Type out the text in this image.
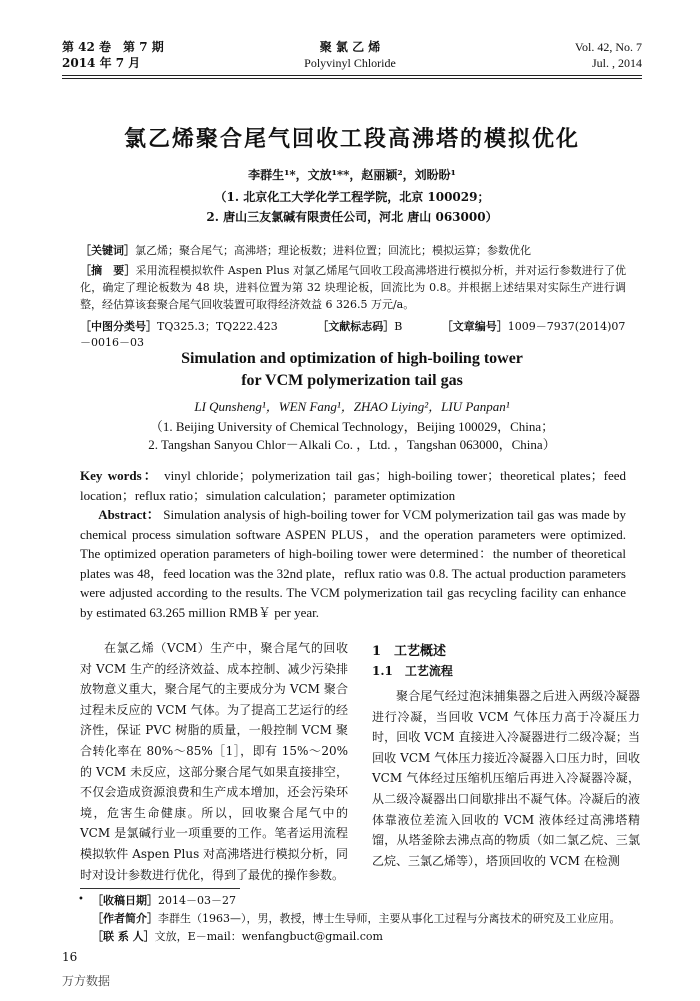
第 42 卷　第 7 期
2014 年 7 月
聚 氯 乙 烯
Polyvinyl Chloride
Vol. 42, No. 7
Jul. , 2014
氯乙烯聚合尾气回收工段高沸塔的模拟优化
李群生¹*，文放¹**，赵丽颖²，刘盼盼¹
（1. 北京化工大学化学工程学院，北京 100029；
2. 唐山三友氯碱有限责任公司，河北 唐山 063000）
［关键词］氯乙烯；聚合尾气；高沸塔；理论板数；进料位置；回流比；模拟运算；参数优化
［摘　要］采用流程模拟软件 Aspen Plus 对氯乙烯尾气回收工段高沸塔进行模拟分析，并对运行参数进行了优化，确定了理论板数为 48 块，进料位置为第 32 块理论板，回流比为 0.8。并根据上述结果对实际生产进行调整，经估算该套聚合尾气回收装置可取得经济效益 6 326.5 万元/a。
［中图分类号］TQ325.3；TQ222.423	［文献标志码］B	［文章编号］1009－7937(2014)07－0016－03
Simulation and optimization of high-boiling tower
for VCM polymerization tail gas
LI Qunsheng¹，WEN Fang¹，ZHAO Liying²，LIU Panpan¹
（1. Beijing University of Chemical Technology，Beijing 100029，China；
2. Tangshan Sanyou Chlor－Alkali Co. ，Ltd. ，Tangshan 063000，China）
Key words： vinyl chloride；polymerization tail gas；high-boiling tower；theoretical plates；feed location；reflux ratio；simulation calculation；parameter optimization
Abstract： Simulation analysis of high-boiling tower for VCM polymerization tail gas was made by chemical process simulation software ASPEN PLUS，and the operation parameters were optimized. The optimized operation parameters of high-boiling tower were determined：the number of theoretical plates was 48，feed location was the 32nd plate，reflux ratio was 0.8. The actual production parameters were adjusted according to the results. The VCM polymerization tail gas recycling facility can enhance by estimated 63.265 million RMB￥ per year.
在氯乙烯（VCM）生产中，聚合尾气的回收对 VCM 生产的经济效益、成本控制、减少污染排放物意义重大，聚合尾气的主要成分为 VCM 聚合过程未反应的 VCM 气体。为了提高工艺运行的经济性，保证 PVC 树脂的质量，一般控制 VCM 聚合转化率在 80%～85%［1］，即有 15%～20% 的 VCM 未反应，这部分聚合尾气如果直接排空，不仅会造成资源浪费和生产成本增加，还会污染环境，危害生命健康。所以，回收聚合尾气中的 VCM 是氯碱行业一项重要的工作。笔者运用流程模拟软件 Aspen Plus 对高沸塔进行模拟分析，同时对设计参数进行优化，得到了最优的操作参数。
1　工艺概述
1.1　工艺流程
聚合尾气经过泡沫捕集器之后进入两级冷凝器进行冷凝，当回收 VCM 气体压力高于冷凝压力时，回收 VCM 直接进入冷凝器进行二级冷凝；当回收 VCM 气体压力接近冷凝器入口压力时，回收 VCM 气体经过压缩机压缩后再进入冷凝器冷凝，从二级冷凝器出口间歇排出不凝气体。冷凝后的液体靠液位差流入回收的 VCM 液体经过高沸塔精馏，从塔釜除去沸点高的物质（如二氯乙烷、三氯乙烷、三氯乙烯等），塔顶回收的 VCM 在检测
• ［收稿日期］2014－03－27
［作者简介］李群生（1963—），男，教授，博士生导师，主要从事化工过程与分离技术的研究及工业应用。
［联 系 人］文放，E－mail：wenfangbuct@gmail.com
16
万方数据
